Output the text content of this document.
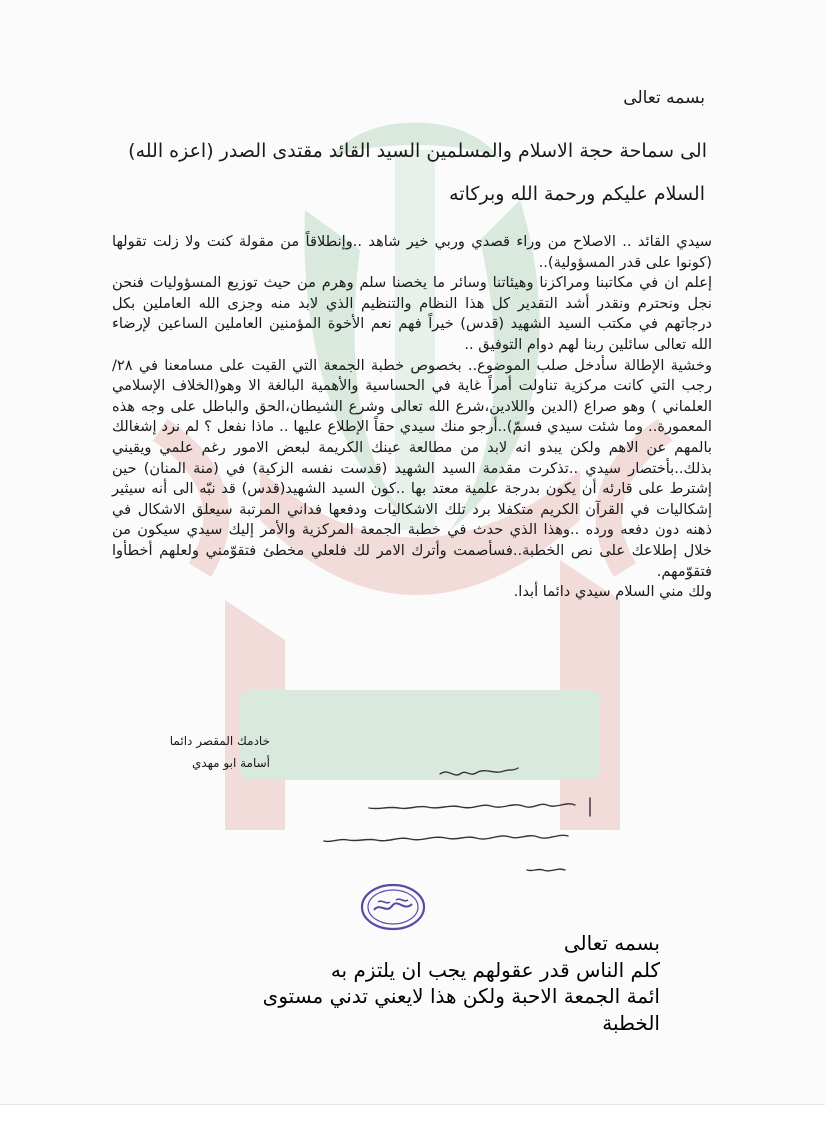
بسمه تعالى
الى سماحة حجة الاسلام والمسلمين السيد القائد مقتدى الصدر (اعزه الله)
السلام عليكم ورحمة الله وبركاته

سيدي القائد .. الاصلاح من وراء قصدي وربي خير شاهد ..وإنطلاقاً من مقولة كنت ولا زلت تقولها (كونوا على قدر المسؤولية)..

إعلم ان في مكاتبنا ومراكزنا وهيئاتنا وسائر ما يخصنا سلم وهرم من حيث توزيع المسؤوليات فنحن نجل ونحترم ونقدر أشد التقدير كل هذا النظام والتنظيم الذي لابد منه وجزى الله العاملين بكل درجاتهم في مكتب السيد الشهيد (قدس) خيراً فهم نعم الأخوة المؤمنين العاملين الساعين لإرضاء الله تعالى سائلين ربنا لهم دوام التوفيق ..

وخشية الإطالة سأدخل صلب الموضوع.. بخصوص خطبة الجمعة التي القيت على مسامعنا في ٢٨/ رجب التي كانت مركزية تناولت أمراً غاية في الحساسية والأهمية البالغة الا وهو(الخلاف الإسلامي العلماني ) وهو صراع (الدين واللادين،شرع الله تعالى وشرع الشيطان،الحق والباطل على وجه هذه المعمورة.. وما شئت سيدي فسمّ)..أرجو منك سيدي حقاً الإطلاع عليها .. ماذا نفعل ؟ لم نرد إشغالك بالمهم عن الاهم ولكن يبدو انه لابد من مطالعة عينك الكريمة لبعض الامور رغم علمي ويقيني بذلك..بأختصار سيدي ..تذكرت مقدمة السيد الشهيد (قدست نفسه الزكية) في (منة المنان) حين إشترط على قارئه أن يكون بدرجة علمية معتد بها ..كون السيد الشهيد(قدس) قد نبّه الى أنه سيثير إشكاليات في القرآن الكريم متكفلا برد تلك الاشكاليات ودفعها فداني المرتبة سيعلق الاشكال في ذهنه دون دفعه ورده ..وهذا الذي حدث في خطبة الجمعة المركزية والأمر إليك سيدي سيكون من خلال إطلاعك على نص الخطبة..فسأصمت وأترك الامر لك فلعلي مخطئ فتقوّمني ولعلهم أخطأوا فتقوّمهم.

ولك مني السلام سيدي دائما أبدا.

خادمك المقصر دائما
أسامة ابو مهدي
بسمه تعالى
كلم الناس قدر عقولهم يجب ان يلتزم به
ائمة الجمعة الاحبة ولكن هذا لايعني تدني مستوى
الخطبة
